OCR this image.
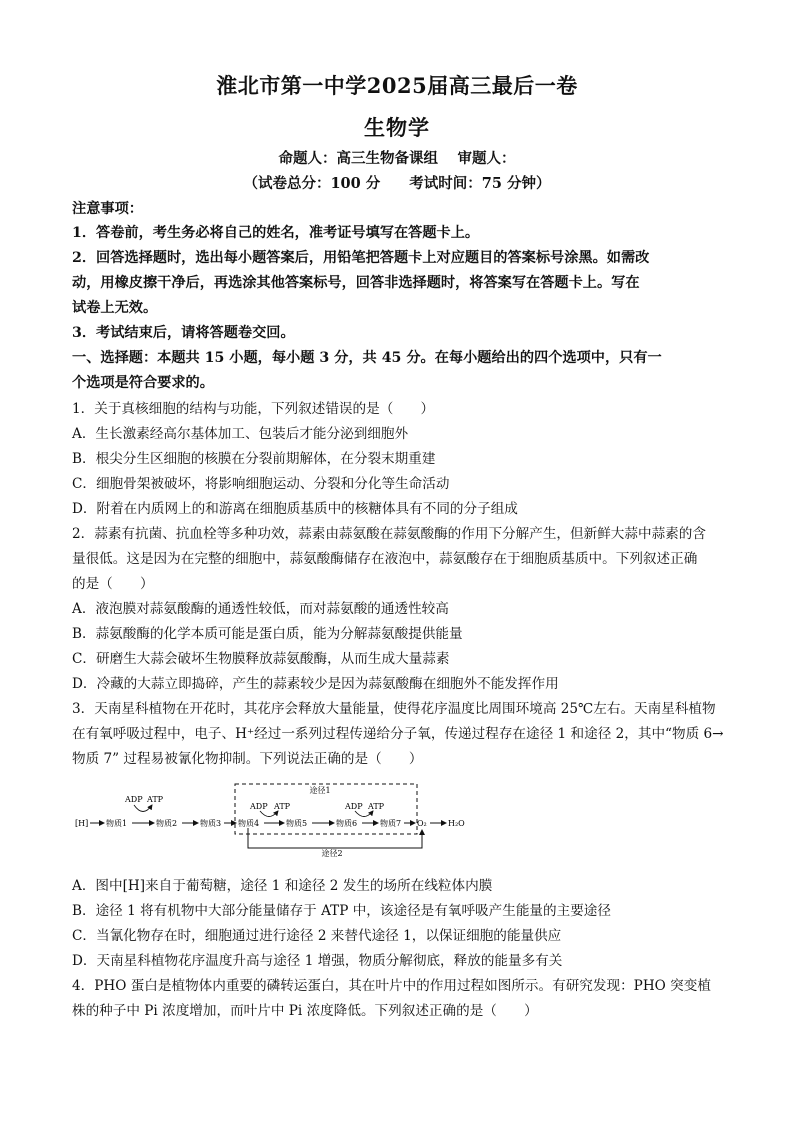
淮北市第一中学2025届高三最后一卷
生物学
命题人：高三生物备课组　 审题人：
（试卷总分：100 分　　考试时间：75 分钟）
注意事项：
1．答卷前，考生务必将自己的姓名，准考证号填写在答题卡上。
2．回答选择题时，选出每小题答案后，用铅笔把答题卡上对应题目的答案标号涂黑。如需改
动，用橡皮擦干净后，再选涂其他答案标号，回答非选择题时，将答案写在答题卡上。写在
试卷上无效。
3．考试结束后，请将答题卷交回。
一、选择题：本题共 15 小题，每小题 3 分，共 45 分。在每小题给出的四个选项中，只有一
个选项是符合要求的。
1．关于真核细胞的结构与功能，下列叙述错误的是（　　）
A．生长激素经高尔基体加工、包装后才能分泌到细胞外
B．根尖分生区细胞的核膜在分裂前期解体，在分裂末期重建
C．细胞骨架被破坏，将影响细胞运动、分裂和分化等生命活动
D．附着在内质网上的和游离在细胞质基质中的核糖体具有不同的分子组成
2．蒜素有抗菌、抗血栓等多种功效，蒜素由蒜氨酸在蒜氨酸酶的作用下分解产生，但新鲜大蒜中蒜素的含
量很低。这是因为在完整的细胞中，蒜氨酸酶储存在液泡中，蒜氨酸存在于细胞质基质中。下列叙述正确
的是（　　）
A．液泡膜对蒜氨酸酶的通透性较低，而对蒜氨酸的通透性较高
B．蒜氨酸酶的化学本质可能是蛋白质，能为分解蒜氨酸提供能量
C．研磨生大蒜会破坏生物膜释放蒜氨酸酶，从而生成大量蒜素
D．冷藏的大蒜立即捣碎，产生的蒜素较少是因为蒜氨酸酶在细胞外不能发挥作用
3．天南星科植物在开花时，其花序会释放大量能量，使得花序温度比周围环境高 25℃左右。天南星科植物
在有氧呼吸过程中，电子、H⁺经过一系列过程传递给分子氧，传递过程存在途径 1 和途径 2，其中“物质 6→
物质 7” 过程易被氰化物抑制。下列说法正确的是（　　）
途径1
[H] 物质1	物质2	物质3 物质4	物质5	物质6	物质7 O₂	H₂O
ADP ATP
ADP ATP	ADP ATP
途径2
A．图中[H]来自于葡萄糖，途径 1 和途径 2 发生的场所在线粒体内膜
B．途径 1 将有机物中大部分能量储存于 ATP 中，该途径是有氧呼吸产生能量的主要途径
C．当氰化物存在时，细胞通过进行途径 2 来替代途径 1，以保证细胞的能量供应
D．天南星科植物花序温度升高与途径 1 增强，物质分解彻底，释放的能量多有关
4．PHO 蛋白是植物体内重要的磷转运蛋白，其在叶片中的作用过程如图所示。有研究发现：PHO 突变植
株的种子中 Pi 浓度增加，而叶片中 Pi 浓度降低。下列叙述正确的是（　　）
